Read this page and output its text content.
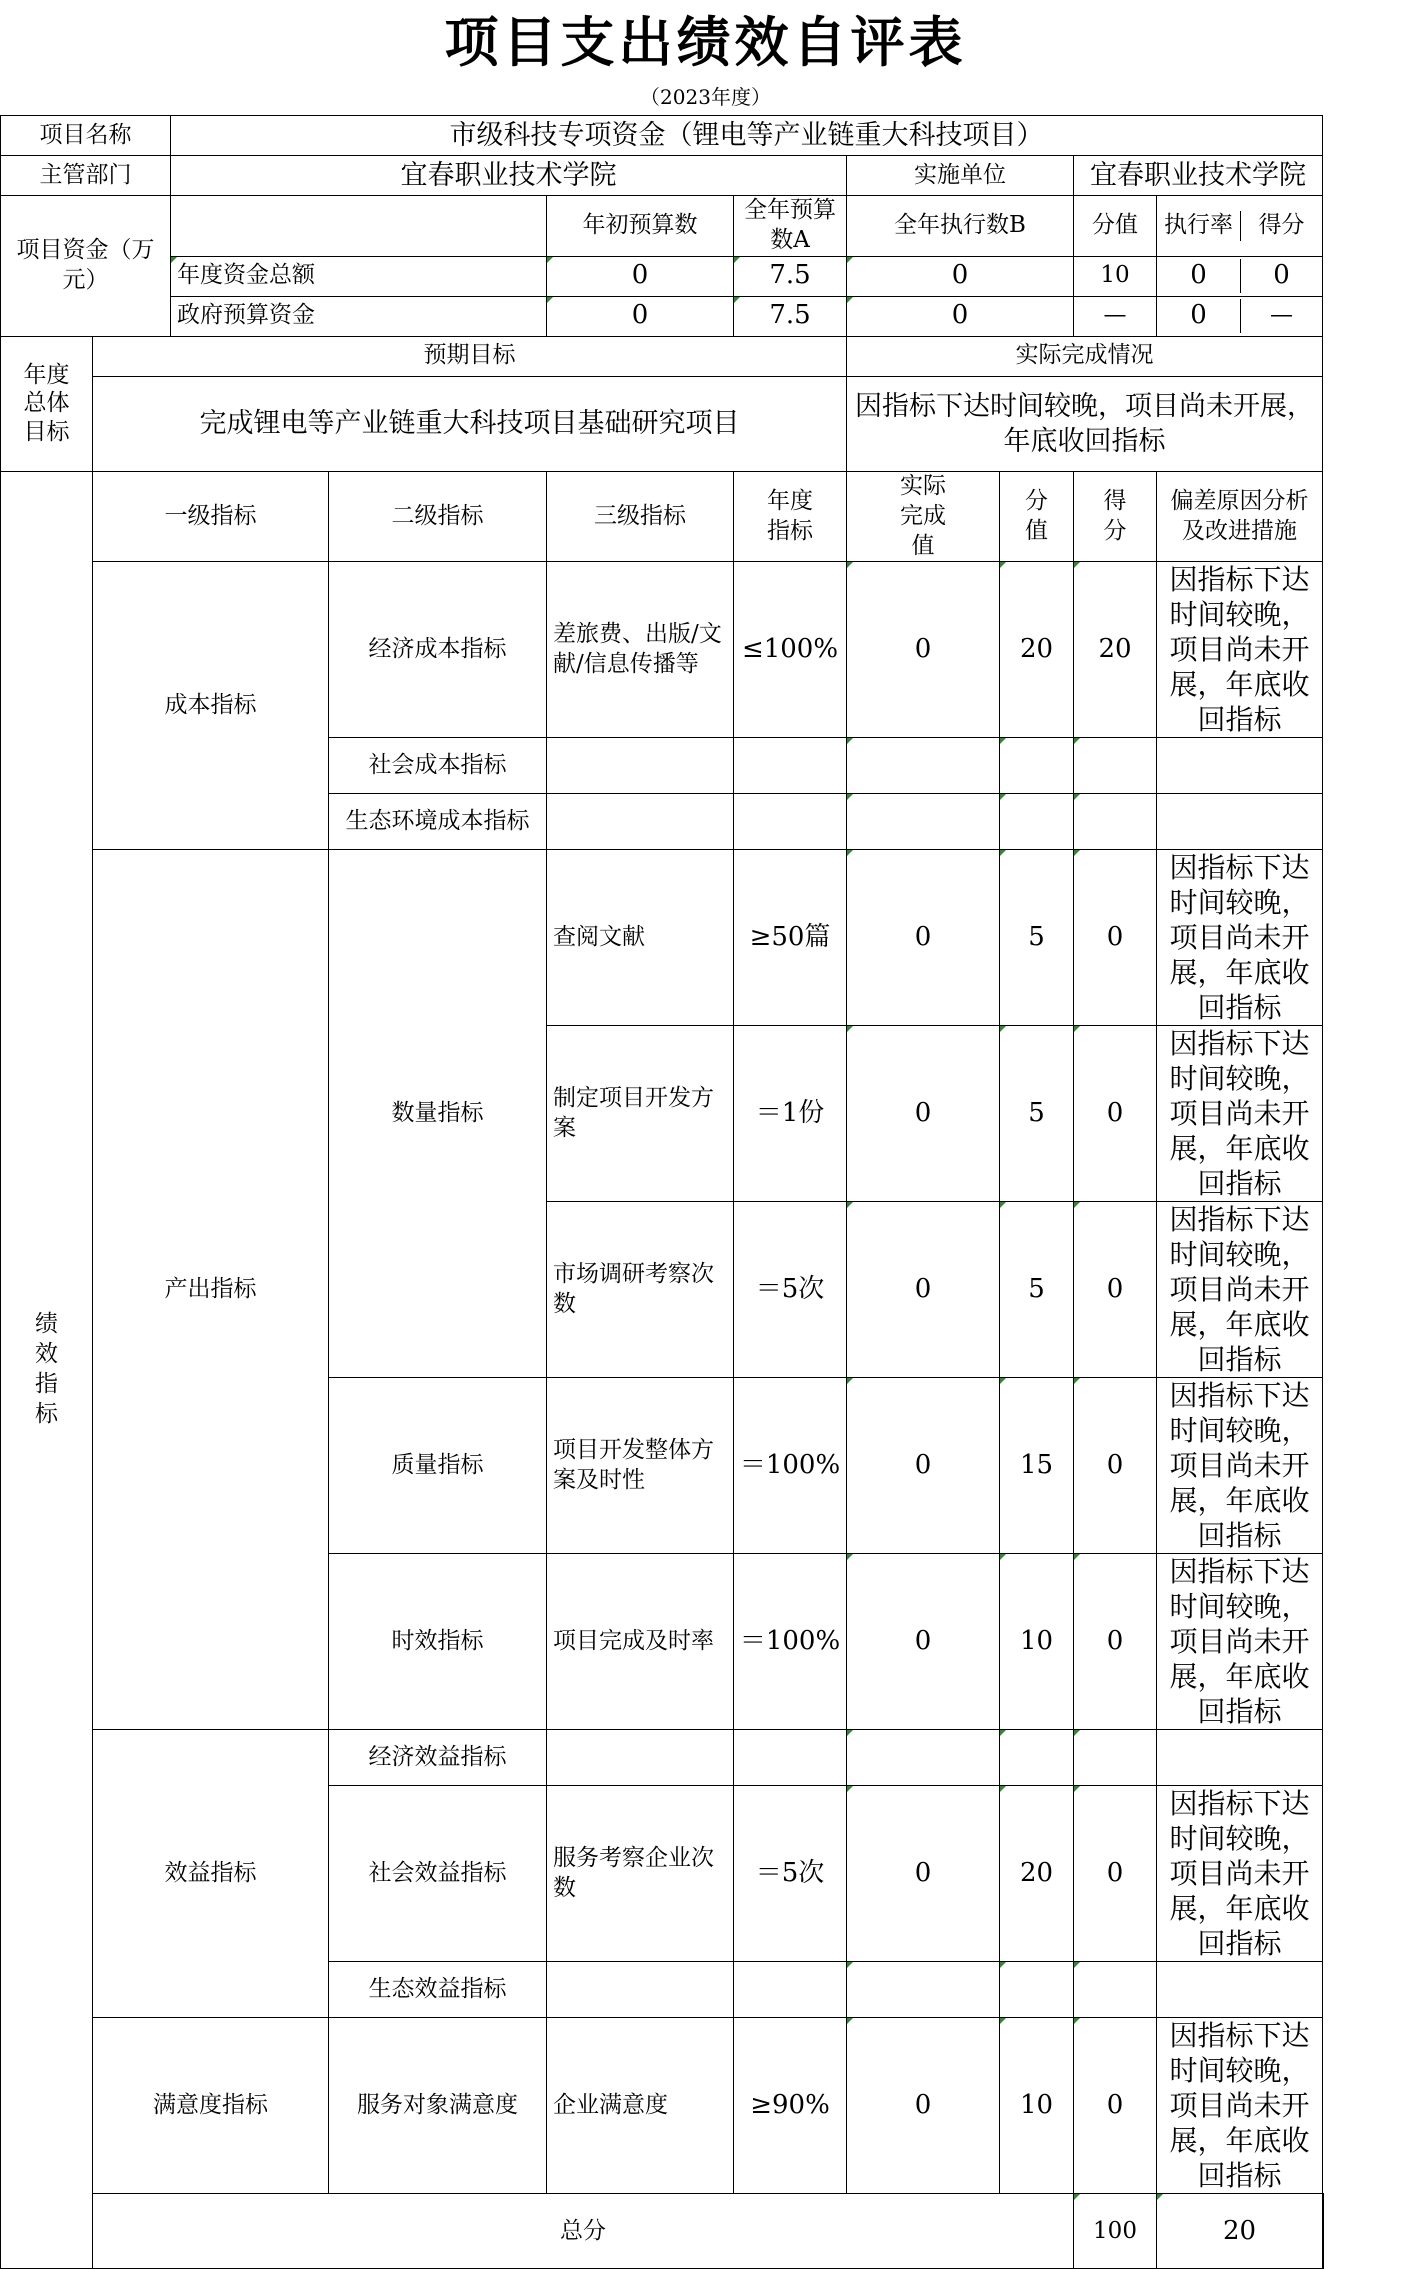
项目支出绩效自评表
（2023年度）
项目名称		市级科技专项资金（锂电等产业链重大科技项目）								
主管部门		宜春职业技术学院				实施单位		宜春职业技术学院		
项目资金（万元）				年初预算数	全年预算数A	全年执行数B		分值	执行率 得分	

		年度资金总额		0	7.5	0		10	0 0	

		政府预算资金		0	7.5	0		—	0 —	

年度总体目标	预期目标					实际完成情况				
	完成锂电等产业链重大科技项目基础研究项目					因指标下达时间较晚，项目尚未开展，年底收回指标				

绩效指标	一级指标		二级指标	三级指标	年度指标	实际完成值	分值	得分	偏差原因分析及改进措施	

	成本指标		经济成本指标	差旅费、出版/文献/信息传播等	≤100%	0	20	20	因指标下达时间较晚，项目尚未开展，年底收回指标	
			社会成本指标							
			生态环境成本指标							
	产出指标		数量指标	查阅文献	≥50篇	0	5	0	因指标下达时间较晚，项目尚未开展，年底收回指标	
				制定项目开发方案	＝1份	0	5	0	因指标下达时间较晚，项目尚未开展，年底收回指标	
				市场调研考察次数	＝5次	0	5	0	因指标下达时间较晚，项目尚未开展，年底收回指标	
			质量指标	项目开发整体方案及时性	＝100%	0	15	0	因指标下达时间较晚，项目尚未开展，年底收回指标	
			时效指标	项目完成及时率	＝100%	0	10	0	因指标下达时间较晚，项目尚未开展，年底收回指标	
	效益指标		经济效益指标							
			社会效益指标	服务考察企业次数	＝5次	0	20	0	因指标下达时间较晚，项目尚未开展，年底收回指标	
			生态效益指标							
	满意度指标		服务对象满意度	企业满意度	≥90%	0	10	0	因指标下达时间较晚，项目尚未开展，年底收回指标	
	总分							100	20	
